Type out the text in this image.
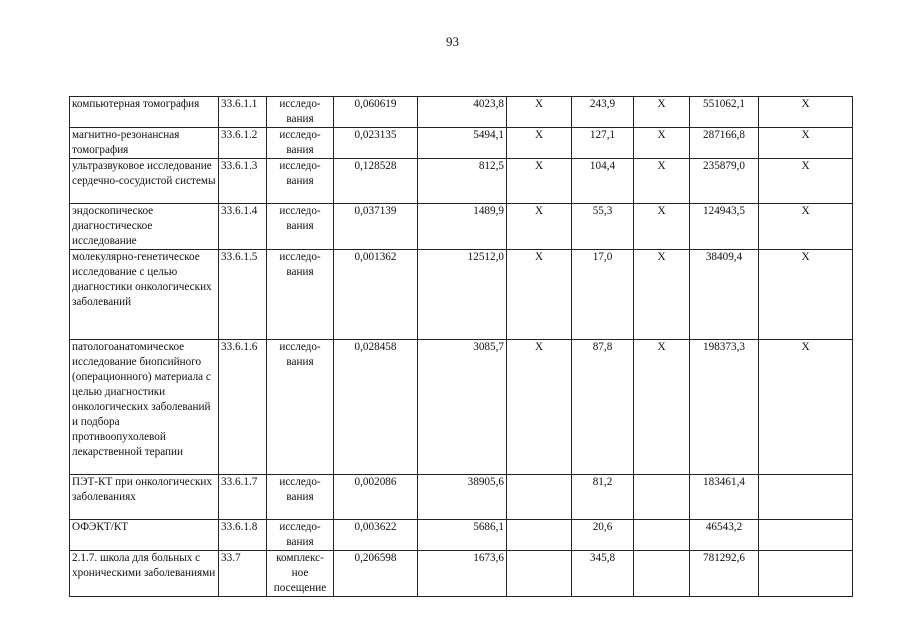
93
компьютерная томография	33.6.1.1	исследо-вания	0,060619	4023,8	X	243,9	X	551062,1	X
магнитно-резонансная томография	33.6.1.2	исследо-вания	0,023135	5494,1	X	127,1	X	287166,8	X
ультразвуковое исследование сердечно-сосудистой системы	33.6.1.3	исследо-вания	0,128528	812,5	X	104,4	X	235879,0	X
эндоскопическое диагностическое исследование	33.6.1.4	исследо-вания	0,037139	1489,9	X	55,3	X	124943,5	X
молекулярно-генетическое исследование с целью диагностики онкологических заболеваний	33.6.1.5	исследо-вания	0,001362	12512,0	X	17,0	X	38409,4	X
патологоанатомическое исследование биопсийного (операционного) материала с целью диагностики онкологических заболеваний и подбора противоопухолевой лекарственной терапии	33.6.1.6	исследо-вания	0,028458	3085,7	X	87,8	X	198373,3	X
ПЭТ-КТ при онкологических заболеваниях	33.6.1.7	исследо-вания	0,002086	38905,6		81,2		183461,4	
ОФЭКТ/КТ	33.6.1.8	исследо-вания	0,003622	5686,1		20,6		46543,2	
2.1.7. школа для больных с хроническими заболеваниями	33.7	комплекс-ное посещение	0,206598	1673,6		345,8		781292,6	
